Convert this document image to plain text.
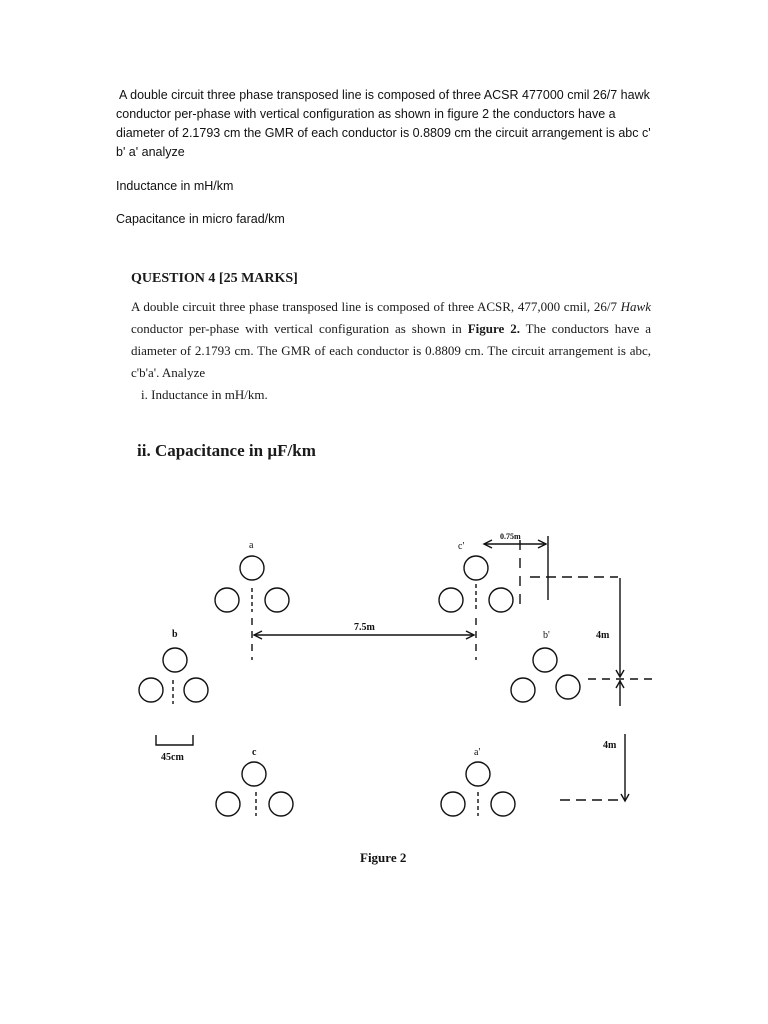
A double circuit three phase transposed line is composed of three ACSR 477000 cmil 26/7 hawk conductor per-phase with vertical configuration as shown in figure 2 the conductors have a diameter of 2.1793 cm the GMR of each conductor is 0.8809 cm the circuit arrangement is abc c' b' a' analyze

Inductance in mH/km

Capacitance in micro farad/km

QUESTION 4 [25 MARKS]

A double circuit three phase transposed line is composed of three ACSR, 477,000 cmil, 26/7 Hawk conductor per-phase with vertical configuration as shown in Figure 2. The conductors have a diameter of 2.1793 cm. The GMR of each conductor is 0.8809 cm. The circuit arrangement is abc, c'b'a'. Analyze

i. Inductance in mH/km.

ii. Capacitance in µF/km

a	c'
0.75m
b	b'
7.5m
4m
4m
45cm	c	a'
Figure 2
